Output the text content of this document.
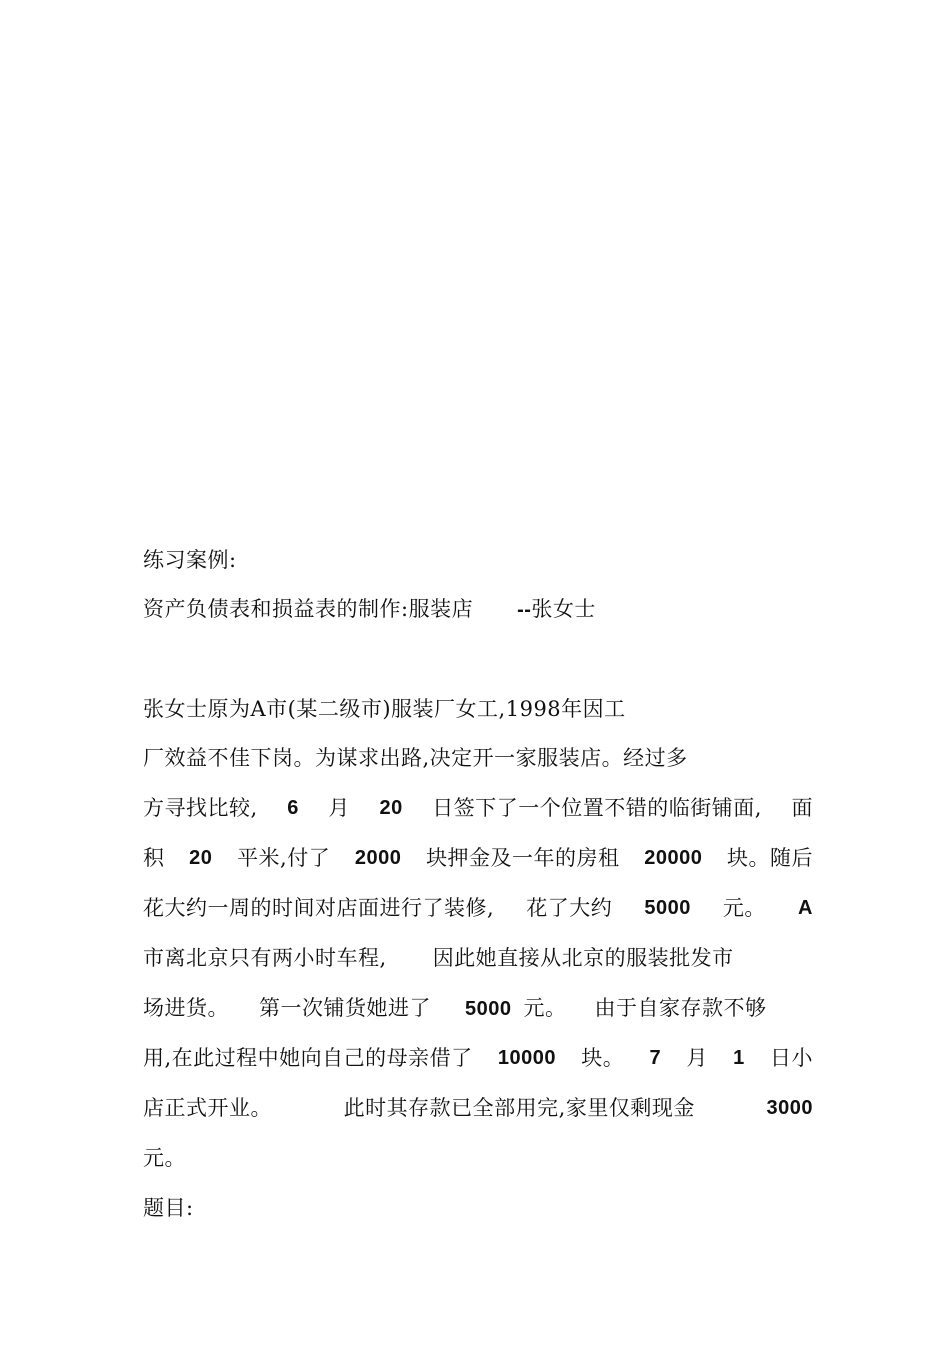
练习案例:
资产负债表和损益表的制作:服装店 --张女士
张女士原为A市(某二级市)服装厂女工,1998年因工
厂效益不佳下岗。为谋求出路,决定开一家服装店。经过多
方寻找比较, 6 月 20 日签下了一个位置不错的临街铺面, 面
积 20 平米,付了 2000 块押金及一年的房租 20000 块。随后
花大约一周的时间对店面进行了装修, 花了大约 5000 元。 A
市离北京只有两小时车程, 因此她直接从北京的服装批发市
场进货。 第一次铺货她进了 5000 元。 由于自家存款不够
用,在此过程中她向自己的母亲借了 10000 块。 7 月 1 日小
店正式开业。	此时其存款已全部用完,家里仅剩现金	3000
元。
题目:
